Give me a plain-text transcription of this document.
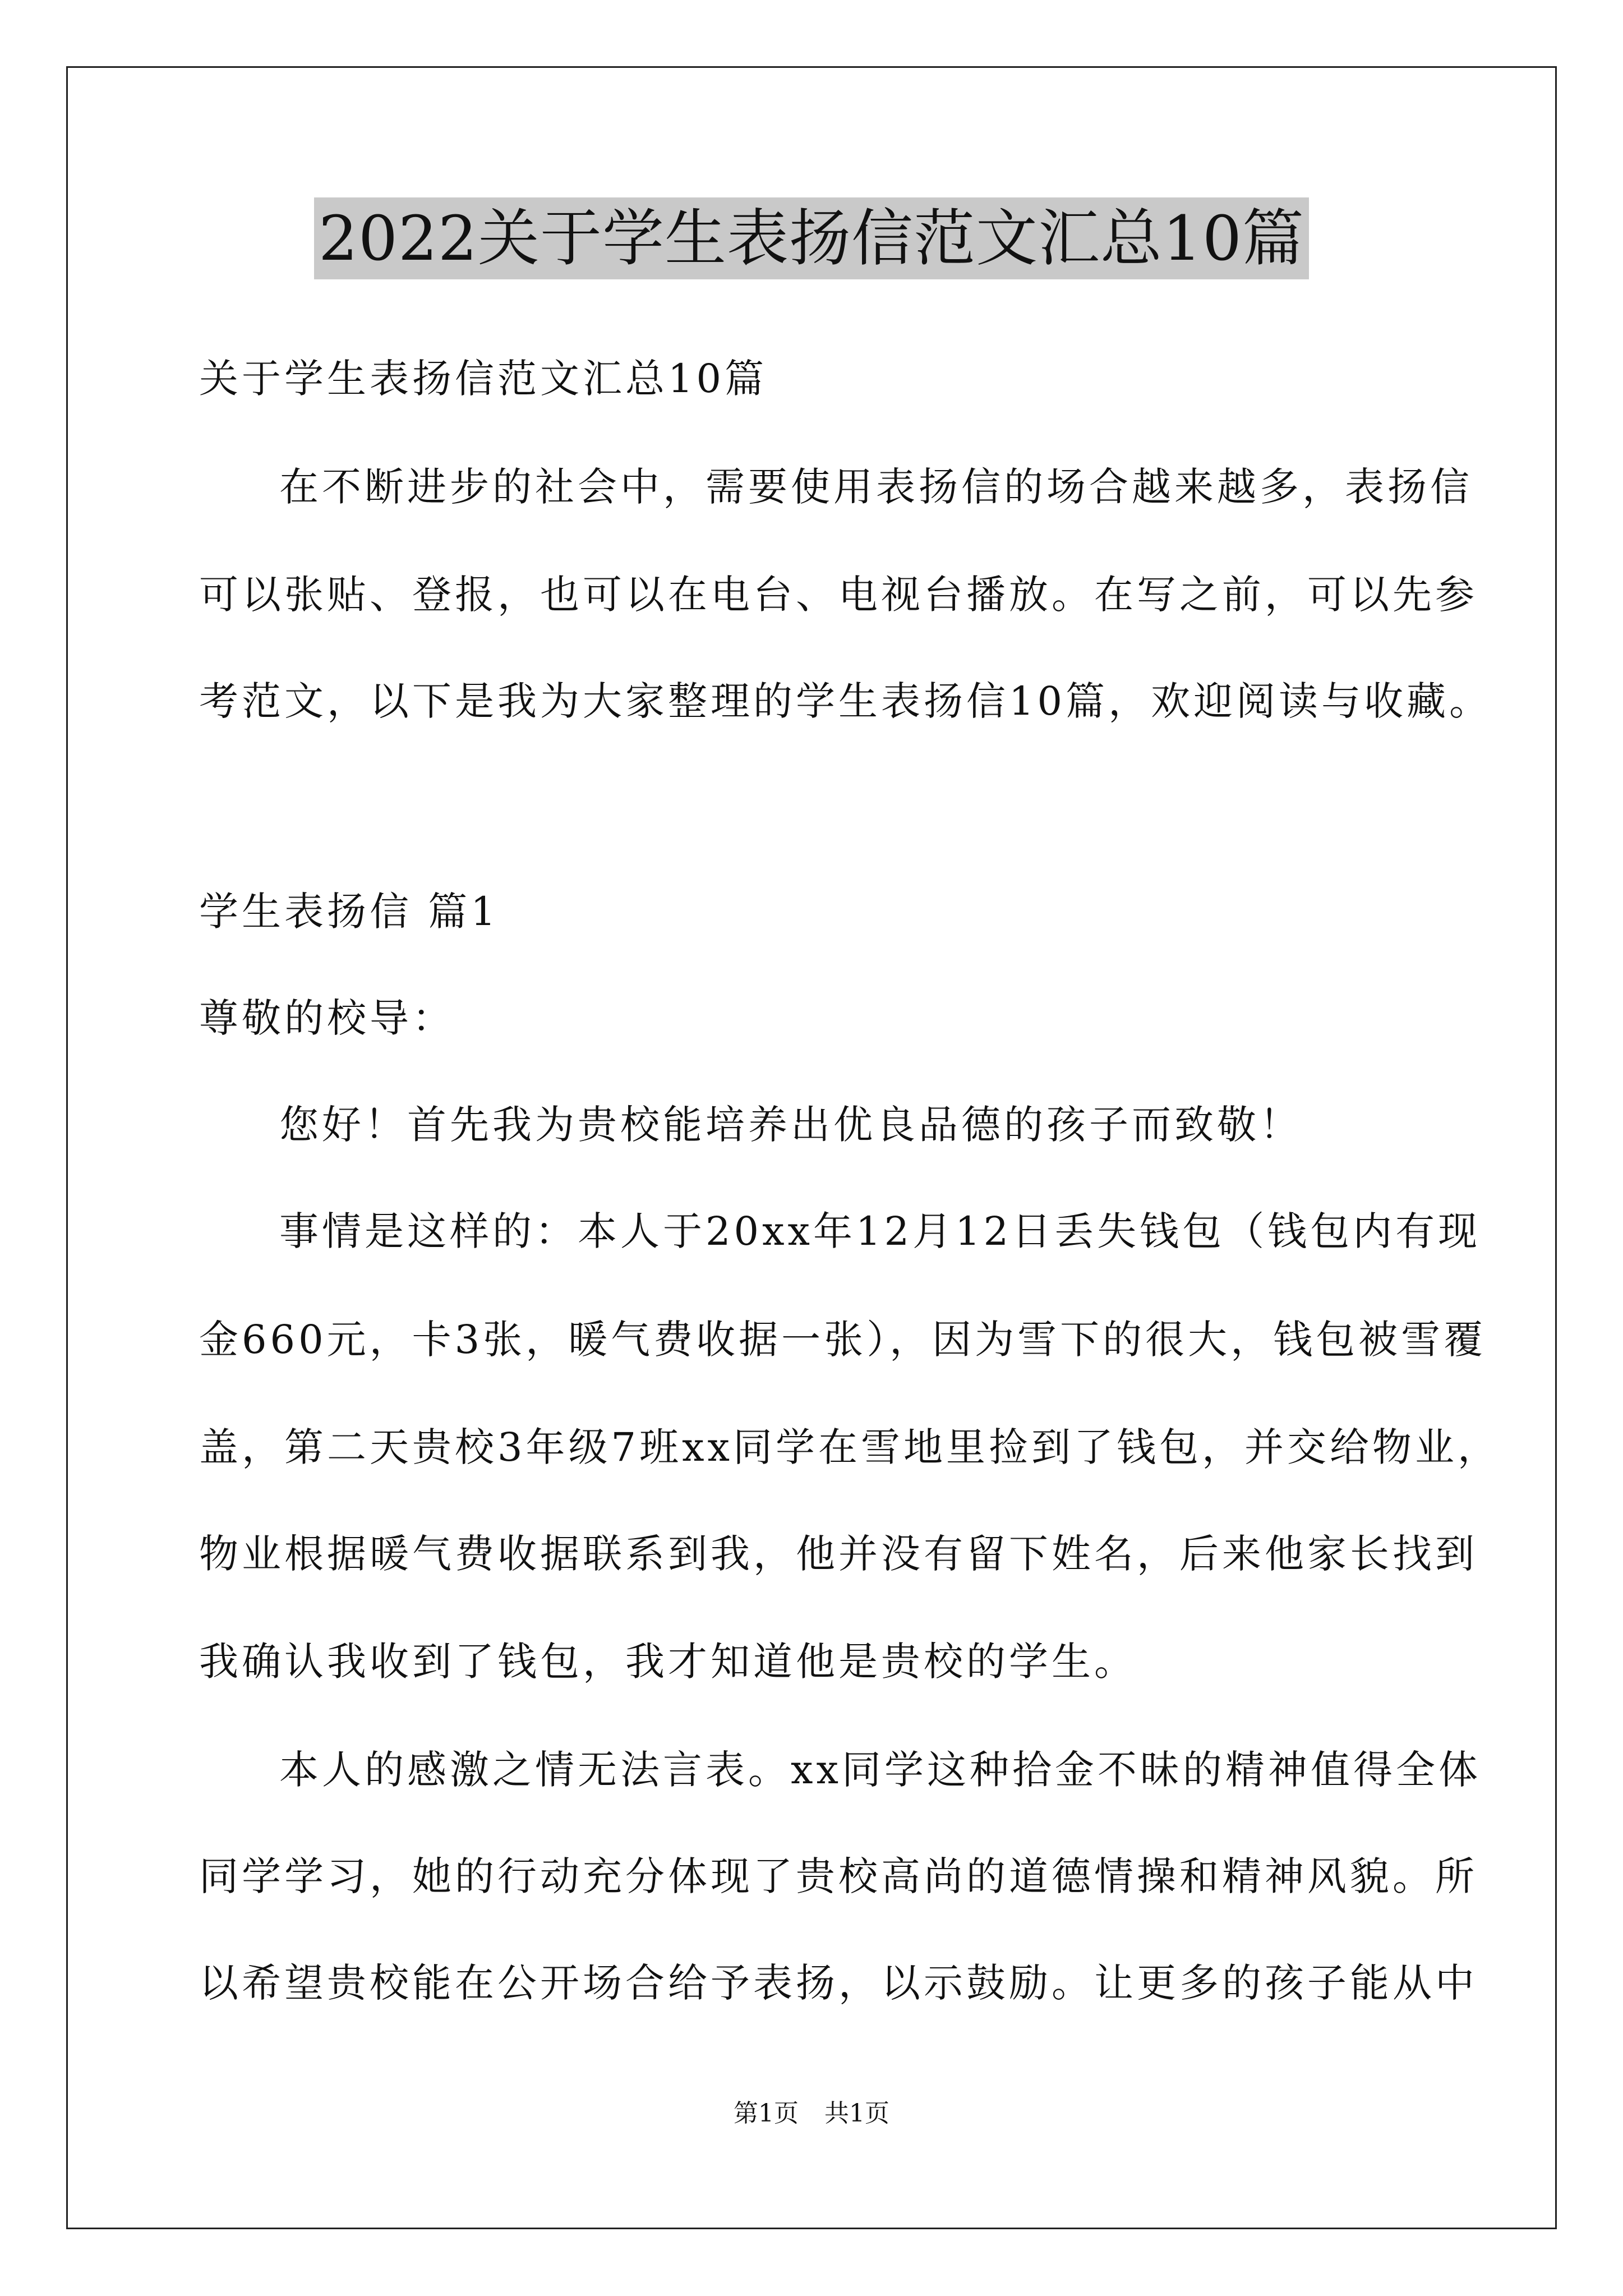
2022关于学生表扬信范文汇总10篇
关于学生表扬信范文汇总10篇
在不断进步的社会中，需要使用表扬信的场合越来越多，表扬信
可以张贴、登报，也可以在电台、电视台播放。在写之前，可以先参
考范文，以下是我为大家整理的学生表扬信10篇，欢迎阅读与收藏。
学生表扬信 篇1
尊敬的校导：
您好！首先我为贵校能培养出优良品德的孩子而致敬！
事情是这样的：本人于20xx年12月12日丢失钱包（钱包内有现
金660元，卡3张，暖气费收据一张），因为雪下的很大，钱包被雪覆
盖，第二天贵校3年级7班xx同学在雪地里捡到了钱包，并交给物业，
物业根据暖气费收据联系到我，他并没有留下姓名，后来他家长找到
我确认我收到了钱包，我才知道他是贵校的学生。
本人的感激之情无法言表。xx同学这种拾金不昧的精神值得全体
同学学习，她的行动充分体现了贵校高尚的道德情操和精神风貌。所
以希望贵校能在公开场合给予表扬，以示鼓励。让更多的孩子能从中
第1页 共1页
